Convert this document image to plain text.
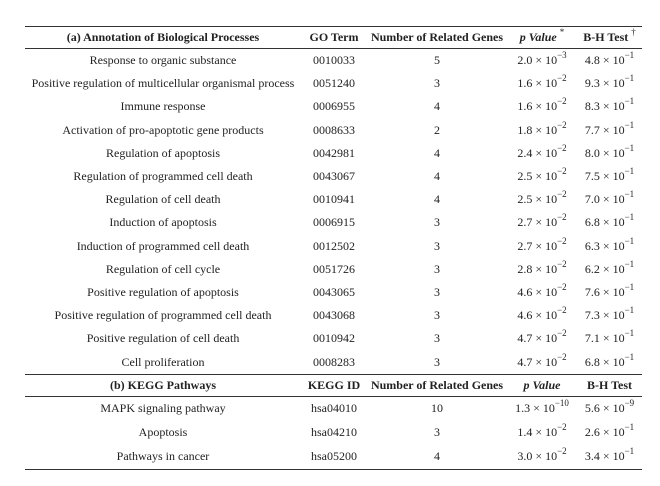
(a) Annotation of Biological Processes	GO Term	Number of Related Genes	p Value *	B-H Test †
Response to organic substance	0010033	5	$2.0 \times 10^{-3}$	$4.8 \times 10^{-1}$
Positive regulation of multicellular organismal process	0051240	3	$1.6 \times 10^{-2}$	$9.3 \times 10^{-1}$
Immune response	0006955	4	$1.6 \times 10^{-2}$	$8.3 \times 10^{-1}$
Activation of pro-apoptotic gene products	0008633	2	$1.8 \times 10^{-2}$	$7.7 \times 10^{-1}$
Regulation of apoptosis	0042981	4	$2.4 \times 10^{-2}$	$8.0 \times 10^{-1}$
Regulation of programmed cell death	0043067	4	$2.5 \times 10^{-2}$	$7.5 \times 10^{-1}$
Regulation of cell death	0010941	4	$2.5 \times 10^{-2}$	$7.0 \times 10^{-1}$
Induction of apoptosis	0006915	3	$2.7 \times 10^{-2}$	$6.8 \times 10^{-1}$
Induction of programmed cell death	0012502	3	$2.7 \times 10^{-2}$	$6.3 \times 10^{-1}$
Regulation of cell cycle	0051726	3	$2.8 \times 10^{-2}$	$6.2 \times 10^{-1}$
Positive regulation of apoptosis	0043065	3	$4.6 \times 10^{-2}$	$7.6 \times 10^{-1}$
Positive regulation of programmed cell death	0043068	3	$4.6 \times 10^{-2}$	$7.3 \times 10^{-1}$
Positive regulation of cell death	0010942	3	$4.7 \times 10^{-2}$	$7.1 \times 10^{-1}$
Cell proliferation	0008283	3	$4.7 \times 10^{-2}$	$6.8 \times 10^{-1}$
(b) KEGG Pathways	KEGG ID	Number of Related Genes	p Value	B-H Test
MAPK signaling pathway	hsa04010	10	$1.3 \times 10^{-10}$	$5.6 \times 10^{-9}$
Apoptosis	hsa04210	3	$1.4 \times 10^{-2}$	$2.6 \times 10^{-1}$
Pathways in cancer	hsa05200	4	$3.0 \times 10^{-2}$	$3.4 \times 10^{-1}$
